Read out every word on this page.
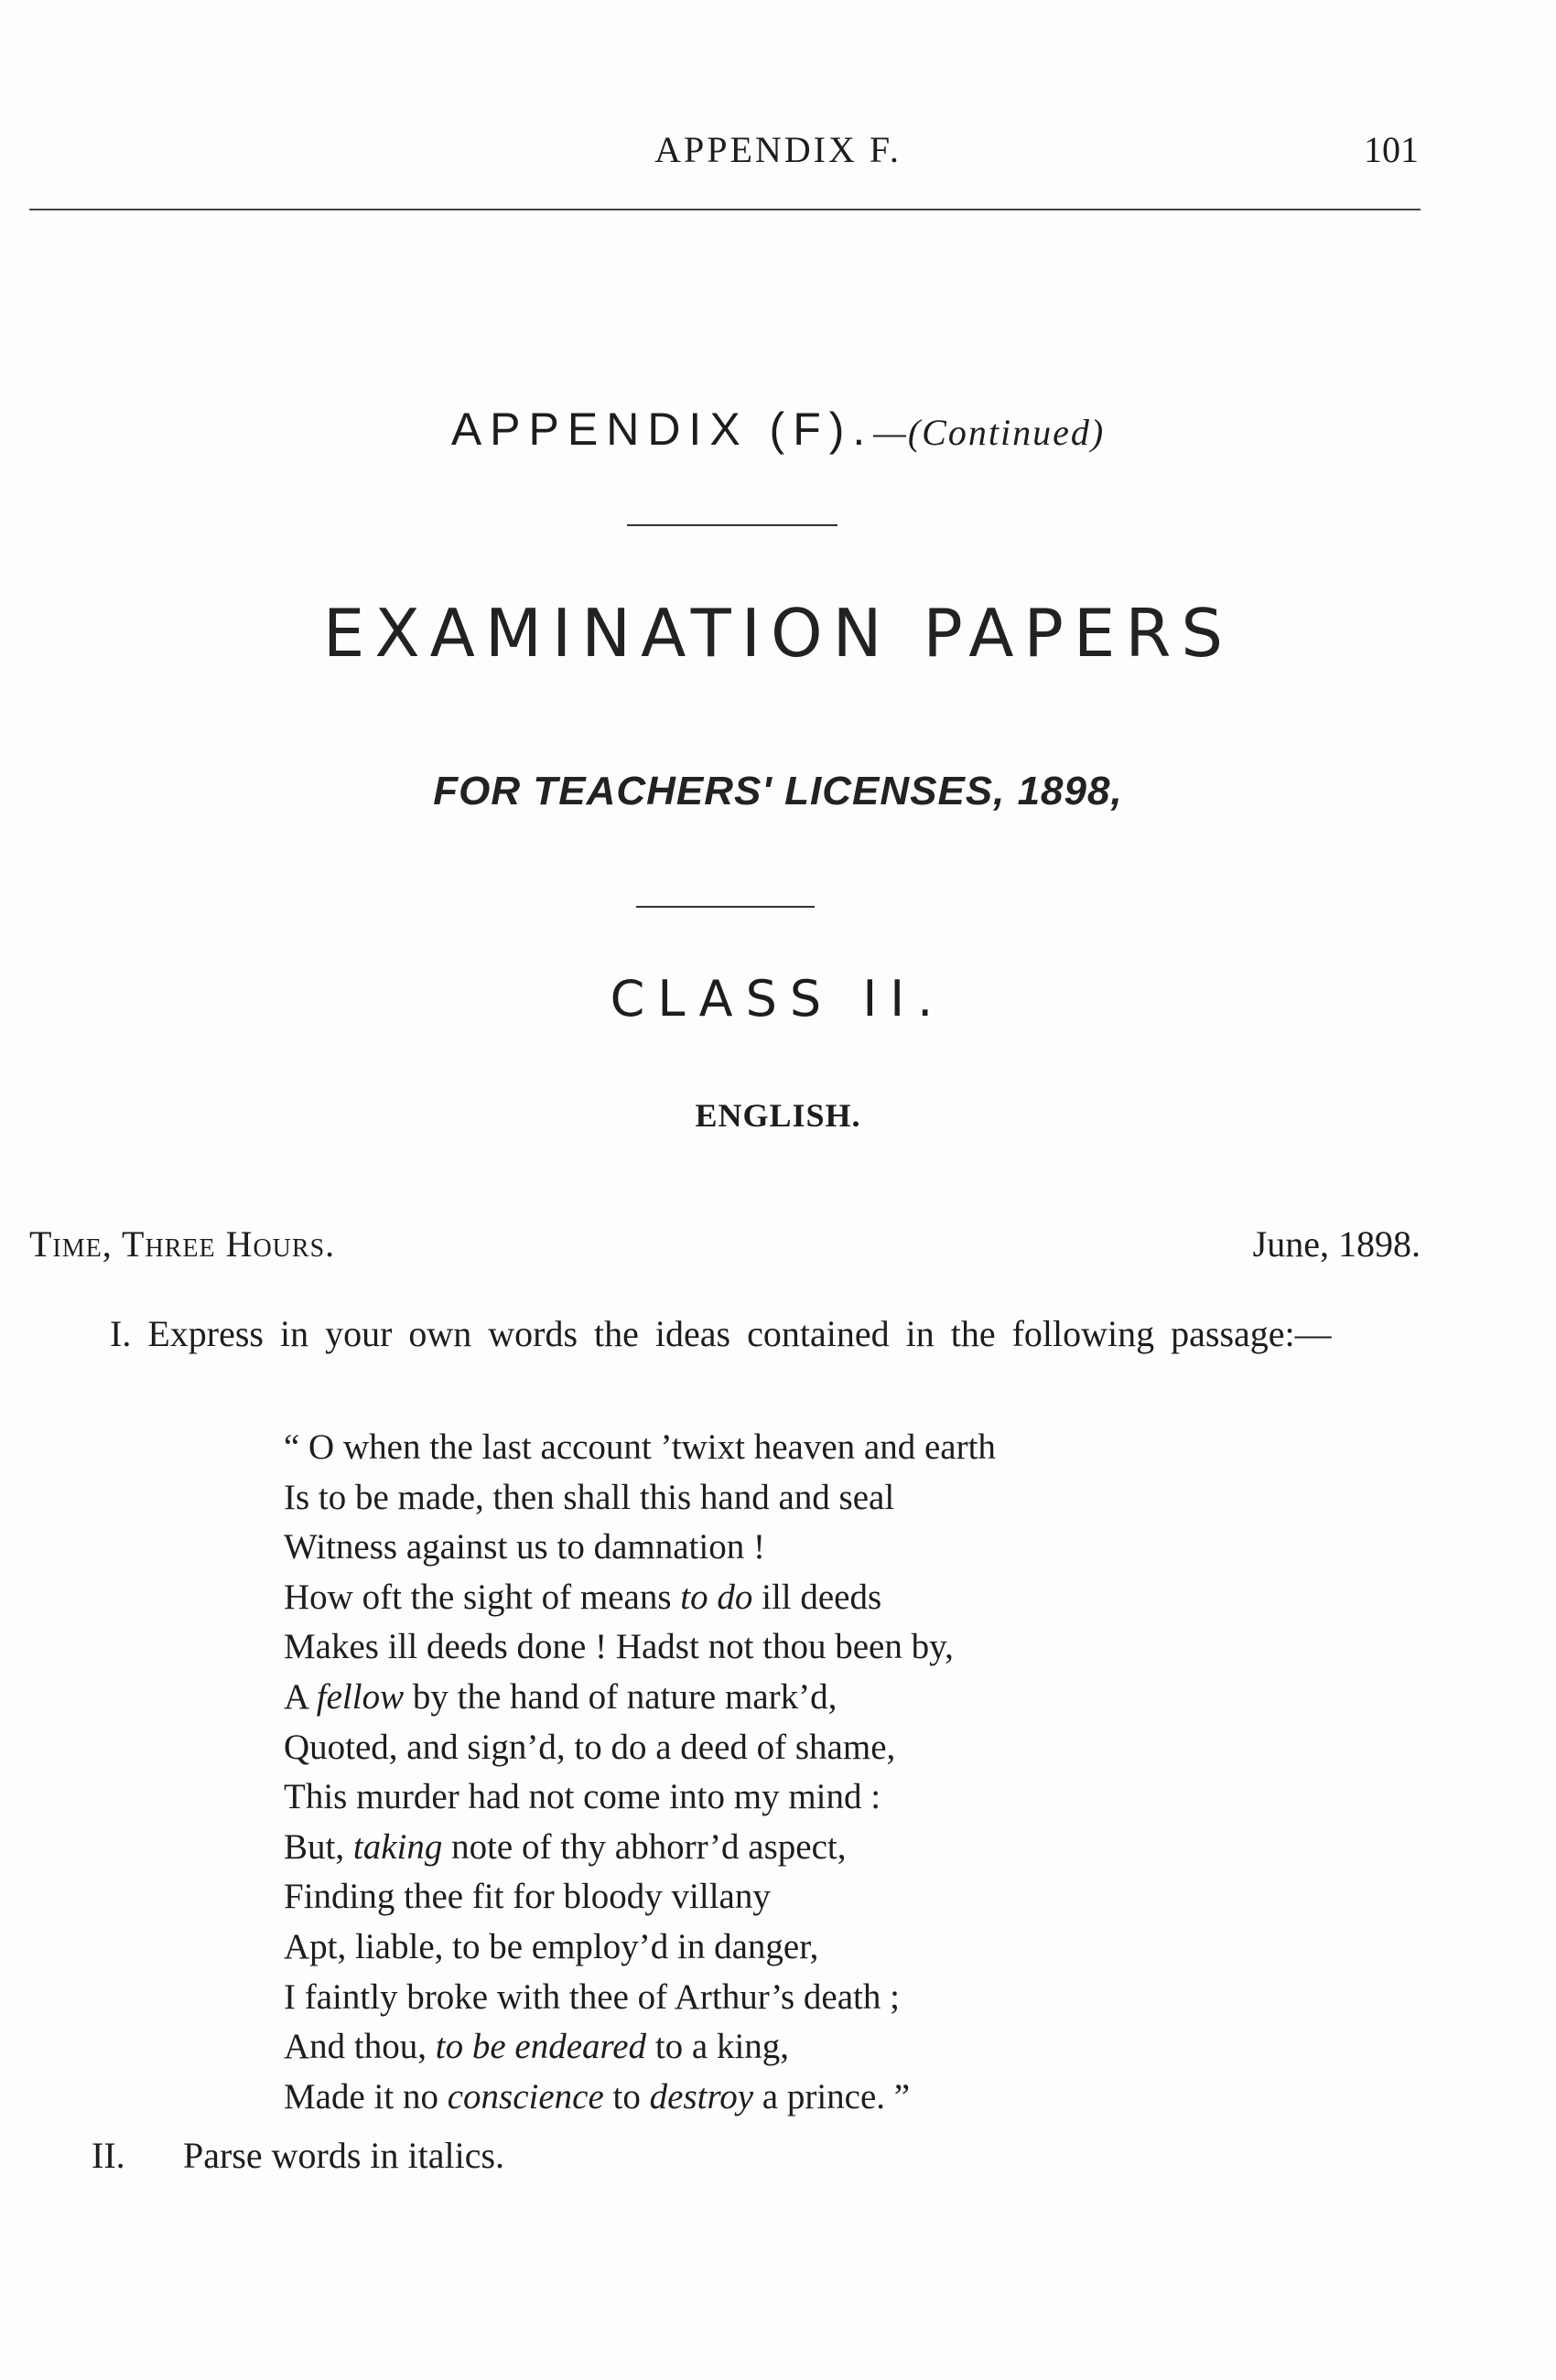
APPENDIX F.	101
APPENDIX (F).—(Continued)
EXAMINATION PAPERS
FOR TEACHERS' LICENSES, 1898,
CLASS II.
ENGLISH.
Time, Three Hours.	June, 1898.
I. Express in your own words the ideas contained in the following passage:—
“ O when the last account ’twixt heaven and earth
Is to be made, then shall this hand and seal
Witness against us to damnation !
How oft the sight of means to do ill deeds
Makes ill deeds done ! Hadst not thou been by,
A fellow by the hand of nature mark’d,
Quoted, and sign’d, to do a deed of shame,
This murder had not come into my mind :
But, taking note of thy abhorr’d aspect,
Finding thee fit for bloody villany
Apt, liable, to be employ’d in danger,
I faintly broke with thee of Arthur’s death ;
And thou, to be endeared to a king,
Made it no conscience to destroy a prince. ”
II. Parse words in italics.
